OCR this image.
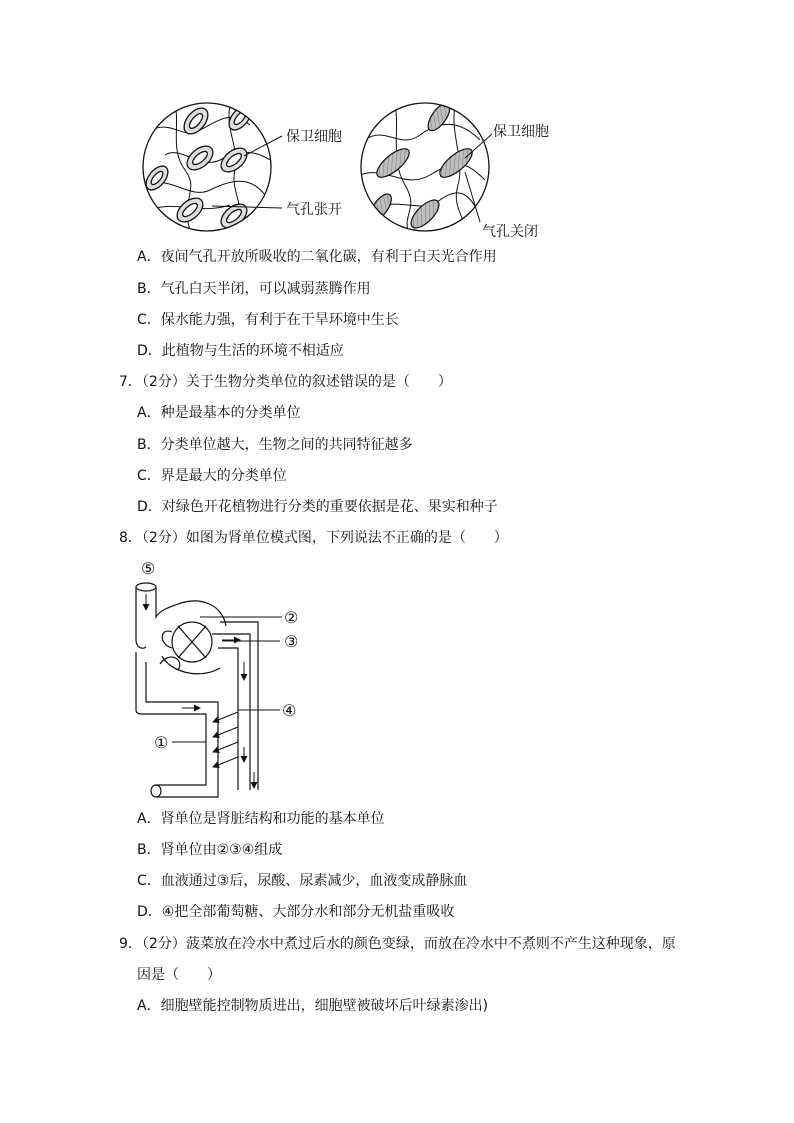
保卫细胞
气孔张开
保卫细胞
气孔关闭
A．夜间气孔开放所吸收的二氧化碳，有利于白天光合作用
B．气孔白天半闭，可以减弱蒸腾作用
C．保水能力强，有利于在干旱环境中生长
D．此植物与生活的环境不相适应
7．（2分）关于生物分类单位的叙述错误的是（　　）
A．种是最基本的分类单位
B．分类单位越大，生物之间的共同特征越多
C．界是最大的分类单位
D．对绿色开花植物进行分类的重要依据是花、果实和种子
8．（2分）如图为肾单位模式图，下列说法不正确的是（　　）
⑤
②
③
④
①
A．肾单位是肾脏结构和功能的基本单位
B．肾单位由②③④组成
C．血液通过③后，尿酸、尿素减少，血液变成静脉血
D．④把全部葡萄糖、大部分水和部分无机盐重吸收
9．（2分）菠菜放在冷水中煮过后水的颜色变绿，而放在冷水中不煮则不产生这种现象，原
因是（　　）
A．细胞壁能控制物质进出，细胞壁被破坏后叶绿素渗出)
